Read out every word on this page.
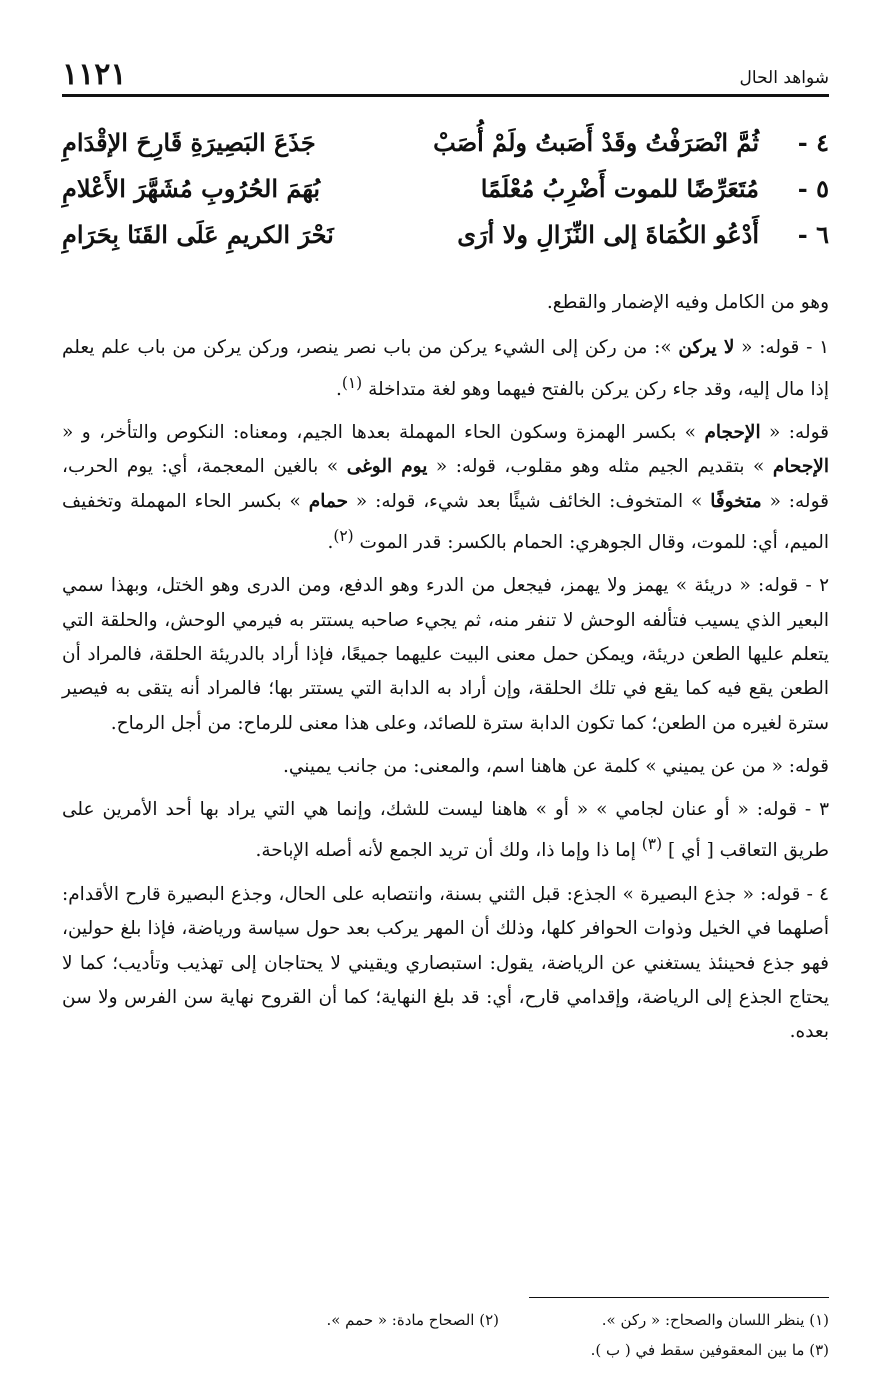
شواهد الحال
١١٢١
٤ -ثُمَّ انْصَرَفْتُ وقَدْ أَصَبتُ ولَمْ أُصَبْ
جَذَعَ البَصِيرَةِ قَارِحَ الإقْدَامِ
٥ -مُتَعَرِّضًا للموت أَضْرِبُ مُعْلَمًا
بُهَمَ الحُرُوبِ مُشَهَّرَ الأَعْلامِ
٦ -أَدْعُو الكُمَاةَ إلى النِّزَالِ ولا أرَى
نَحْرَ الكريمِ عَلَى القَنَا بِحَرَامِ

وهو من الكامل وفيه الإضمار والقطع.

١ - قوله: « لا يركن »: من ركن إلى الشيء يركن من باب نصر ينصر، وركن يركن من باب علم يعلم إذا مال إليه، وقد جاء ركن يركن بالفتح فيهما وهو لغة متداخلة $^{(١)}$.

قوله: « الإحجام » بكسر الهمزة وسكون الحاء المهملة بعدها الجيم، ومعناه: النكوص والتأخر، و « الإجحام » بتقديم الجيم مثله وهو مقلوب، قوله: « يوم الوغى » بالغين المعجمة، أي: يوم الحرب، قوله: « متخوفًا » المتخوف: الخائف شيئًا بعد شيء، قوله: « حمام » بكسر الحاء المهملة وتخفيف الميم، أي: للموت، وقال الجوهري: الحمام بالكسر: قدر الموت $^{(٢)}$.

٢ - قوله: « دريئة » يهمز ولا يهمز، فيجعل من الدرء وهو الدفع، ومن الدرى وهو الختل، وبهذا سمي البعير الذي يسيب فتألفه الوحش لا تنفر منه، ثم يجيء صاحبه يستتر به فيرمي الوحش، والحلقة التي يتعلم عليها الطعن دريئة، ويمكن حمل معنى البيت عليهما جميعًا، فإذا أراد بالدريئة الحلقة، فالمراد أن الطعن يقع فيه كما يقع في تلك الحلقة، وإن أراد به الدابة التي يستتر بها؛ فالمراد أنه يتقى به فيصير سترة لغيره من الطعن؛ كما تكون الدابة سترة للصائد، وعلى هذا معنى للرماح: من أجل الرماح.

قوله: « من عن يميني » كلمة عن هاهنا اسم، والمعنى: من جانب يميني.

٣ - قوله: « أو عنان لجامي » « أو » هاهنا ليست للشك، وإنما هي التي يراد بها أحد الأمرين على طريق التعاقب [ أي ] $^{(٣)}$ إما ذا وإما ذا، ولك أن تريد الجمع لأنه أصله الإباحة.

٤ - قوله: « جذع البصيرة » الجذع: قبل الثني بسنة، وانتصابه على الحال، وجذع البصيرة قارح الأقدام: أصلهما في الخيل وذوات الحوافر كلها، وذلك أن المهر يركب بعد حول سياسة ورياضة، فإذا بلغ حولين، فهو جذع فحينئذ يستغني عن الرياضة، يقول: استبصاري ويقيني لا يحتاجان إلى تهذيب وتأديب؛ كما لا يحتاج الجذع إلى الرياضة، وإقدامي قارح، أي: قد بلغ النهاية؛ كما أن القروح نهاية سن الفرس ولا سن بعده.

(١) ينظر اللسان والصحاح: « ركن ».
(٢) الصحاح مادة: « حمم ».
(٣) ما بين المعقوفين سقط في ( ب ).
